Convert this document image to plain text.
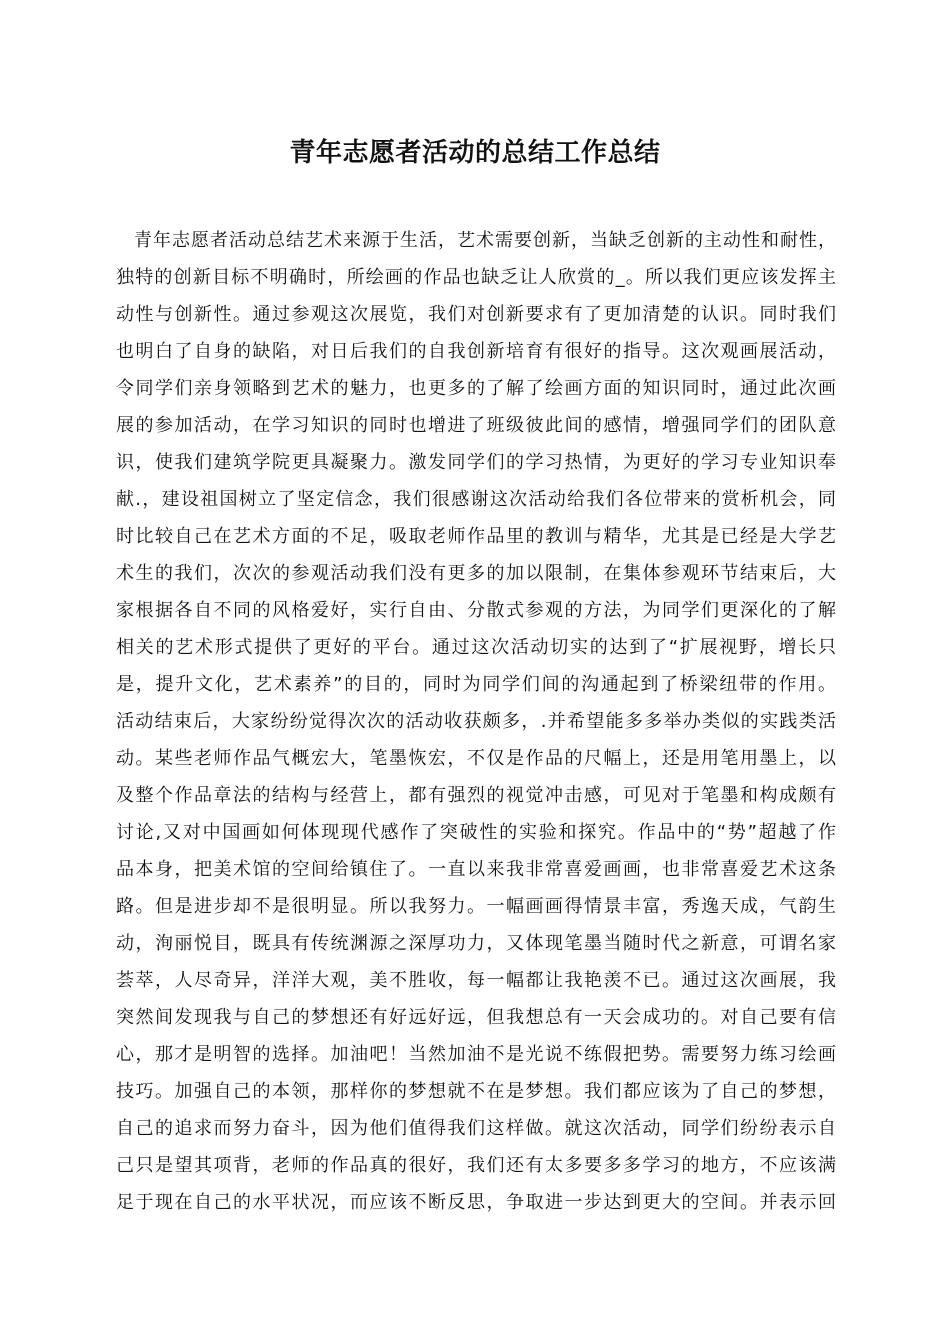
青年志愿者活动的总结工作总结
青年志愿者活动总结艺术来源于生活，艺术需要创新，当缺乏创新的主动性和耐性，
独特的创新目标不明确时，所绘画的作品也缺乏让人欣赏的_。所以我们更应该发挥主
动性与创新性。通过参观这次展览，我们对创新要求有了更加清楚的认识。同时我们
也明白了自身的缺陷，对日后我们的自我创新培育有很好的指导。这次观画展活动，
令同学们亲身领略到艺术的魅力，也更多的了解了绘画方面的知识同时，通过此次画
展的参加活动，在学习知识的同时也增进了班级彼此间的感情，增强同学们的团队意
识，使我们建筑学院更具凝聚力。激发同学们的学习热情，为更好的学习专业知识奉
献.，建设祖国树立了坚定信念，我们很感谢这次活动给我们各位带来的赏析机会，同
时比较自己在艺术方面的不足，吸取老师作品里的教训与精华，尤其是已经是大学艺
术生的我们，次次的参观活动我们没有更多的加以限制，在集体参观环节结束后，大
家根据各自不同的风格爱好，实行自由、分散式参观的方法，为同学们更深化的了解
相关的艺术形式提供了更好的平台。通过这次活动切实的达到了“扩展视野，增长只
是，提升文化，艺术素养”的目的，同时为同学们间的沟通起到了桥梁纽带的作用。
活动结束后，大家纷纷觉得次次的活动收获颇多，.并希望能多多举办类似的实践类活
动。某些老师作品气概宏大，笔墨恢宏，不仅是作品的尺幅上，还是用笔用墨上，以
及整个作品章法的结构与经营上，都有强烈的视觉冲击感，可见对于笔墨和构成颇有
讨论,又对中国画如何体现现代感作了突破性的实验和探究。作品中的“势”超越了作
品本身，把美术馆的空间给镇住了。一直以来我非常喜爱画画，也非常喜爱艺术这条
路。但是进步却不是很明显。所以我努力。一幅画画得情景丰富，秀逸天成，气韵生
动，洵丽悦目，既具有传统渊源之深厚功力，又体现笔墨当随时代之新意，可谓名家
荟萃，人尽奇异，洋洋大观，美不胜收，每一幅都让我艳羡不已。通过这次画展，我
突然间发现我与自己的梦想还有好远好远，但我想总有一天会成功的。对自己要有信
心，那才是明智的选择。加油吧！当然加油不是光说不练假把势。需要努力练习绘画
技巧。加强自己的本领，那样你的梦想就不在是梦想。我们都应该为了自己的梦想，
自己的追求而努力奋斗，因为他们值得我们这样做。就这次活动，同学们纷纷表示自
己只是望其项背，老师的作品真的很好，我们还有太多要多多学习的地方，不应该满
足于现在自己的水平状况，而应该不断反思，争取进一步达到更大的空间。并表示回
